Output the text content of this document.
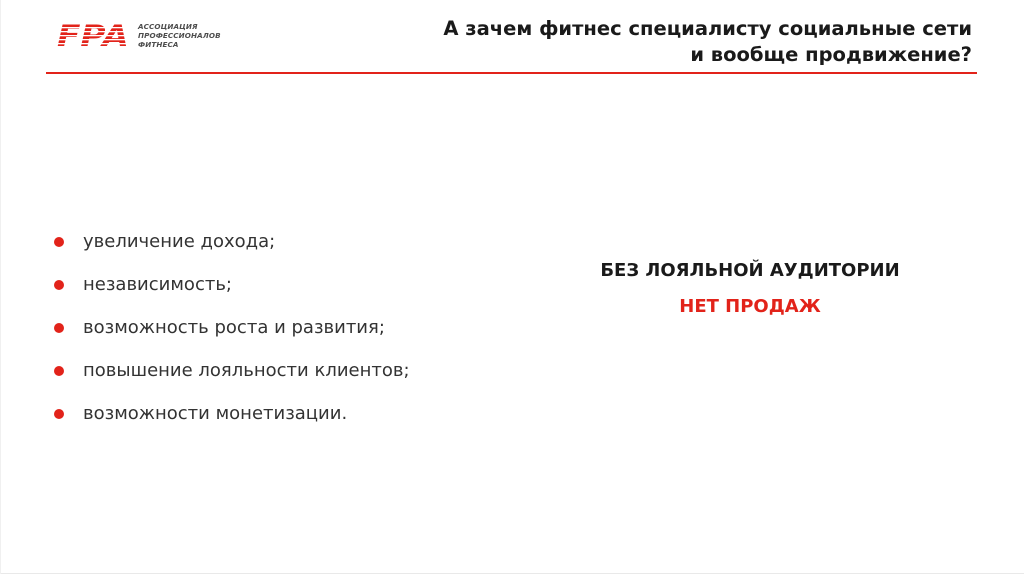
АССОЦИАЦИЯ
ПРОФЕССИОНАЛОВ
ФИТНЕСА
А зачем фитнес специалисту социальные сети
и вообще продвижение?
увеличение дохода;
независимость;
возможность роста и развития;
повышение лояльности клиентов;
возможности монетизации.
БЕЗ ЛОЯЛЬНОЙ АУДИТОРИИ
НЕТ ПРОДАЖ
